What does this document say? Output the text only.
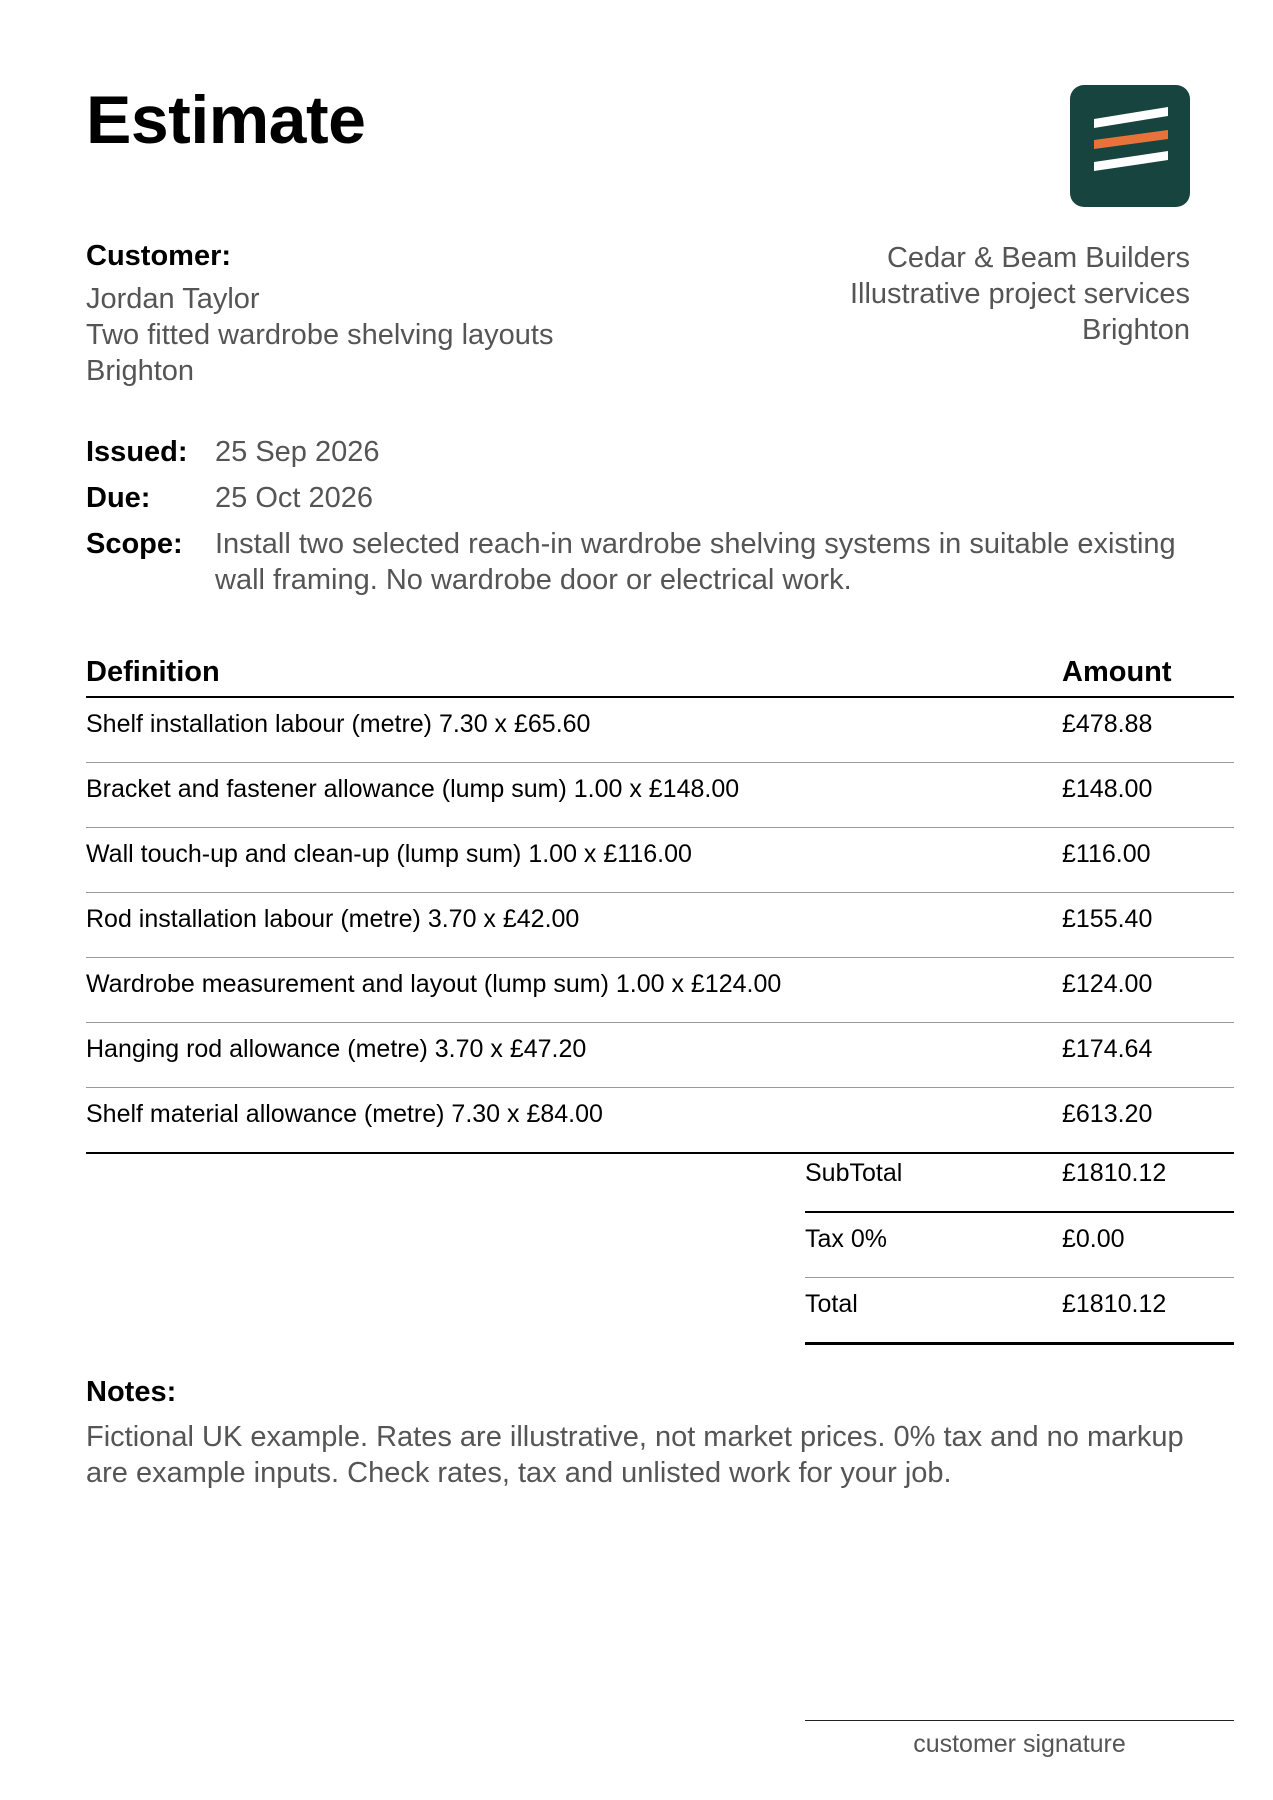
Estimate
Customer:
Jordan Taylor
Two fitted wardrobe shelving layouts
Brighton
Cedar & Beam Builders
Illustrative project services
Brighton
Issued: 25 Sep 2026
Due: 25 Oct 2026
Scope: Install two selected reach-in wardrobe shelving systems in suitable existing wall framing. No wardrobe door or electrical work.
Definition	Amount
Shelf installation labour (metre) 7.30 x £65.60	£478.88
Bracket and fastener allowance (lump sum) 1.00 x £148.00	£148.00
Wall touch-up and clean-up (lump sum) 1.00 x £116.00	£116.00
Rod installation labour (metre) 3.70 x £42.00	£155.40
Wardrobe measurement and layout (lump sum) 1.00 x £124.00	£124.00
Hanging rod allowance (metre) 3.70 x £47.20	£174.64
Shelf material allowance (metre) 7.30 x £84.00	£613.20
SubTotal	£1810.12
Tax 0%	£0.00
Total	£1810.12
Notes:
Fictional UK example. Rates are illustrative, not market prices. 0% tax and no markup are example inputs. Check rates, tax and unlisted work for your job.
customer signature
